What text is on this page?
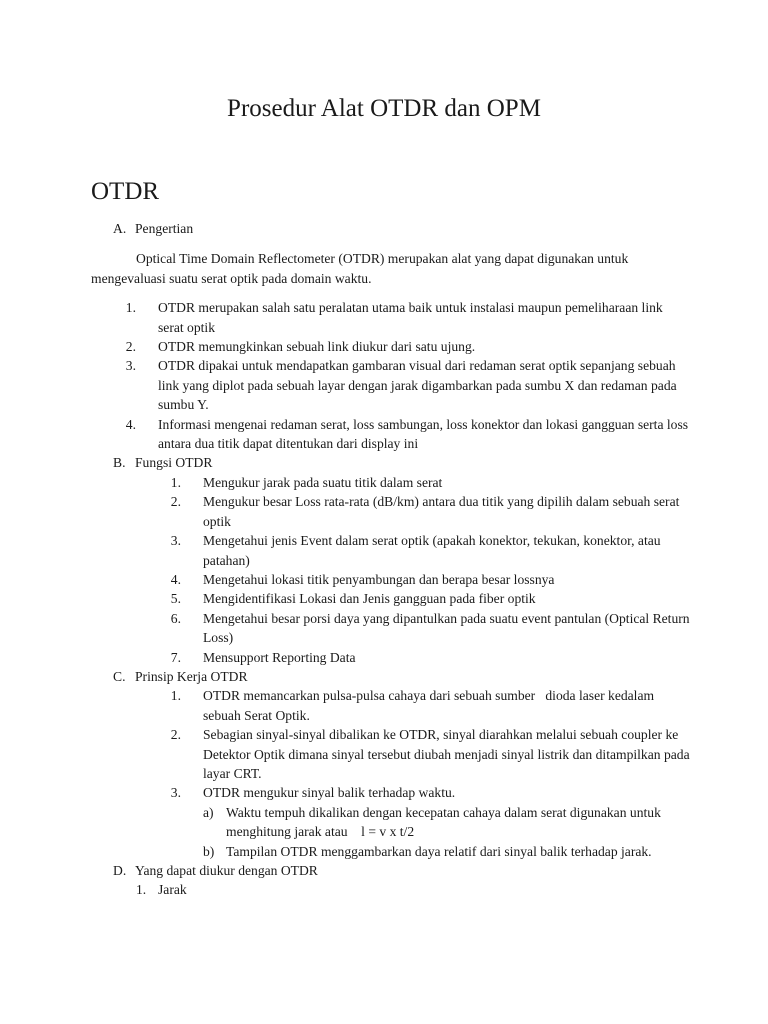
Prosedur Alat OTDR dan OPM
OTDR
A. Pengertian
Optical Time Domain Reflectometer (OTDR) merupakan alat yang dapat digunakan untuk mengevaluasi suatu serat optik pada domain waktu.
1. OTDR merupakan salah satu peralatan utama baik untuk instalasi maupun pemeliharaan link serat optik
2. OTDR memungkinkan sebuah link diukur dari satu ujung.
3. OTDR dipakai untuk mendapatkan gambaran visual dari redaman serat optik sepanjang sebuah link yang diplot pada sebuah layar dengan jarak digambarkan pada sumbu X dan redaman pada sumbu Y.
4. Informasi mengenai redaman serat, loss sambungan, loss konektor dan lokasi gangguan serta loss antara dua titik dapat ditentukan dari display ini
B. Fungsi OTDR
1.	Mengukur jarak pada suatu titik dalam serat
2.	Mengukur besar Loss rata-rata (dB/km) antara dua titik yang dipilih dalam sebuah serat optik
3.	Mengetahui jenis Event dalam serat optik (apakah konektor, tekukan, konektor, atau patahan)
4.	Mengetahui lokasi titik penyambungan dan berapa besar lossnya
5.	Mengidentifikasi Lokasi dan Jenis gangguan pada fiber optik
6.	Mengetahui besar porsi daya yang dipantulkan pada suatu event pantulan (Optical Return Loss)
7.	Mensupport Reporting Data
C. Prinsip Kerja OTDR
1.	OTDR memancarkan pulsa-pulsa cahaya dari sebuah sumber   dioda laser kedalam sebuah Serat Optik.
2.	Sebagian sinyal-sinyal dibalikan ke OTDR, sinyal diarahkan melalui sebuah coupler ke Detektor Optik dimana sinyal tersebut diubah menjadi sinyal listrik dan ditampilkan pada layar CRT.
3.	OTDR mengukur sinyal balik terhadap waktu.
a) Waktu tempuh dikalikan dengan kecepatan cahaya dalam serat digunakan untuk menghitung jarak atau    l = v x t/2
b) Tampilan OTDR menggambarkan daya relatif dari sinyal balik terhadap jarak.
D. Yang dapat diukur dengan OTDR
1. Jarak
